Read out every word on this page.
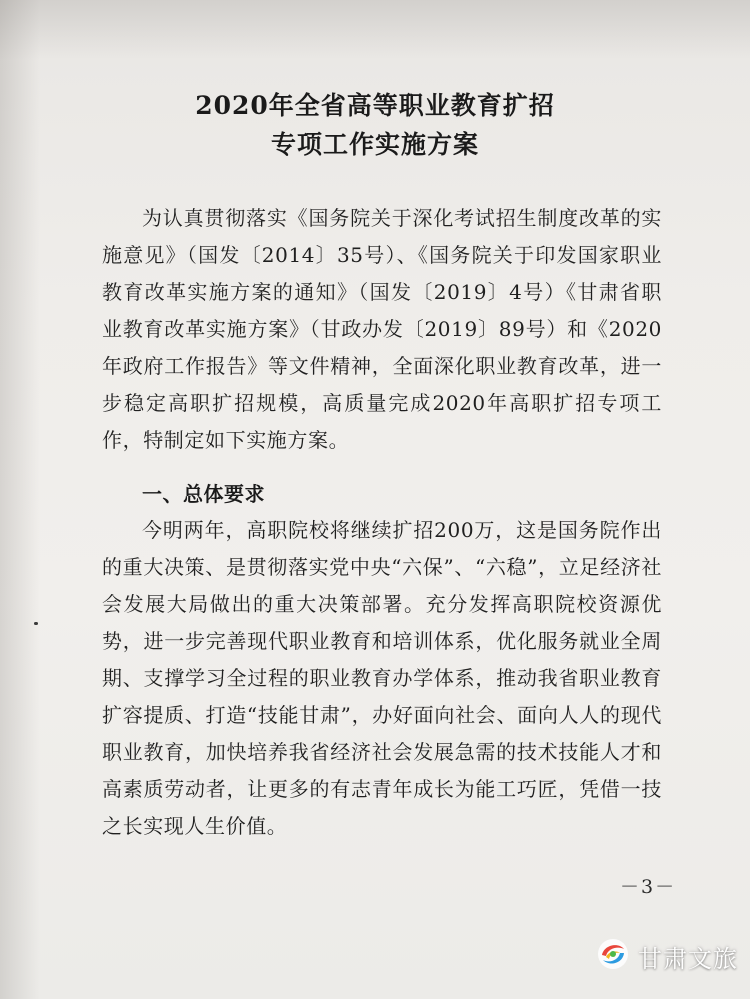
2020年全省高等职业教育扩招
专项工作实施方案

为认真贯彻落实《国务院关于深化考试招生制度改革的实施意见》（国发〔2014〕35号）、《国务院关于印发国家职业教育改革实施方案的通知》（国发〔2019〕4号）《甘肃省职业教育改革实施方案》（甘政办发〔2019〕89号）和《2020年政府工作报告》等文件精神，全面深化职业教育改革，进一步稳定高职扩招规模，高质量完成2020年高职扩招专项工作，特制定如下实施方案。

一、总体要求

今明两年，高职院校将继续扩招200万，这是国务院作出的重大决策、是贯彻落实党中央“六保”、“六稳”，立足经济社会发展大局做出的重大决策部署。充分发挥高职院校资源优势，进一步完善现代职业教育和培训体系，优化服务就业全周期、支撑学习全过程的职业教育办学体系，推动我省职业教育扩容提质、打造“技能甘肃”，办好面向社会、面向人人的现代职业教育，加快培养我省经济社会发展急需的技术技能人才和高素质劳动者，让更多的有志青年成长为能工巧匠，凭借一技之长实现人生价值。

－3－
甘肃文旅
